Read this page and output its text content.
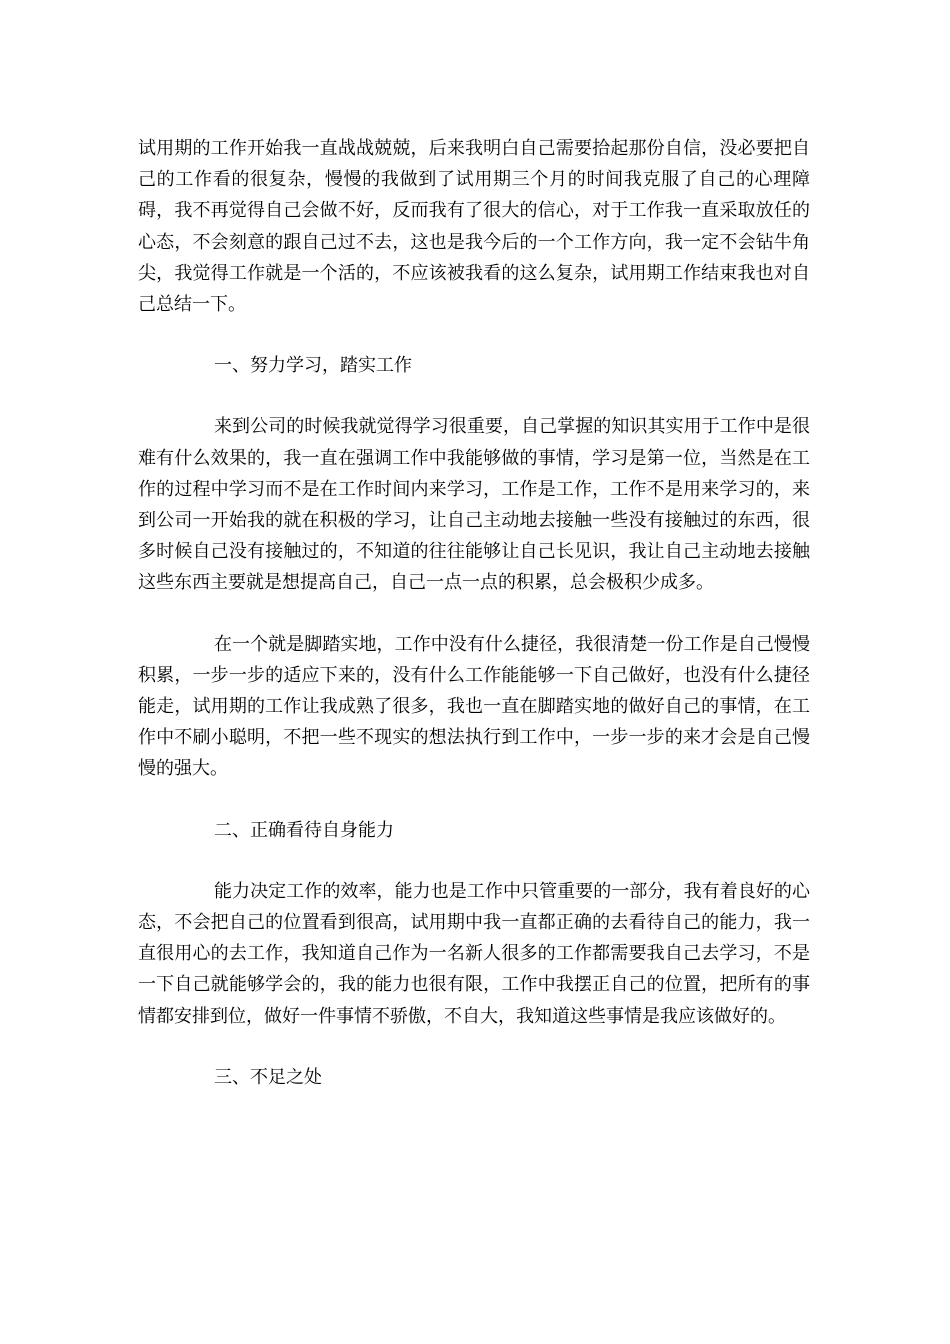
试用期的工作开始我一直战战兢兢，后来我明白自己需要拾起那份自信，没必要把自己的工作看的很复杂，慢慢的我做到了试用期三个月的时间我克服了自己的心理障碍，我不再觉得自己会做不好，反而我有了很大的信心，对于工作我一直采取放任的心态，不会刻意的跟自己过不去，这也是我今后的一个工作方向，我一定不会钻牛角尖，我觉得工作就是一个活的，不应该被我看的这么复杂，试用期工作结束我也对自己总结一下。

一、努力学习，踏实工作

来到公司的时候我就觉得学习很重要，自己掌握的知识其实用于工作中是很难有什么效果的，我一直在强调工作中我能够做的事情，学习是第一位，当然是在工作的过程中学习而不是在工作时间内来学习，工作是工作，工作不是用来学习的，来到公司一开始我的就在积极的学习，让自己主动地去接触一些没有接触过的东西，很多时候自己没有接触过的，不知道的往往能够让自己长见识，我让自己主动地去接触这些东西主要就是想提高自己，自己一点一点的积累，总会极积少成多。

在一个就是脚踏实地，工作中没有什么捷径，我很清楚一份工作是自己慢慢积累，一步一步的适应下来的，没有什么工作能能够一下自己做好，也没有什么捷径能走，试用期的工作让我成熟了很多，我也一直在脚踏实地的做好自己的事情，在工作中不刷小聪明，不把一些不现实的想法执行到工作中，一步一步的来才会是自己慢慢的强大。

二、正确看待自身能力

能力决定工作的效率，能力也是工作中只管重要的一部分，我有着良好的心态，不会把自己的位置看到很高，试用期中我一直都正确的去看待自己的能力，我一直很用心的去工作，我知道自己作为一名新人很多的工作都需要我自己去学习，不是一下自己就能够学会的，我的能力也很有限，工作中我摆正自己的位置，把所有的事情都安排到位，做好一件事情不骄傲，不自大，我知道这些事情是我应该做好的。

三、不足之处
